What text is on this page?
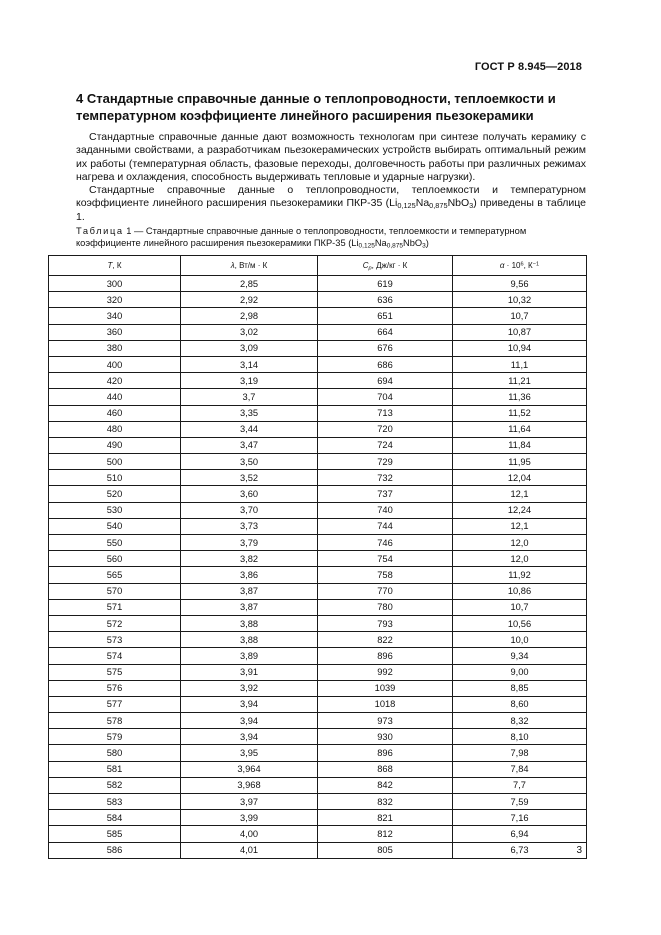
ГОСТ Р 8.945—2018
4 Стандартные справочные данные о теплопроводности, теплоемкости и температурном коэффициенте линейного расширения пьезокерамики

Стандартные справочные данные дают возможность технологам при синтезе получать керамику с заданными свойствами, а разработчикам пьезокерамических устройств выбирать оптимальный режим их работы (температурная область, фазовые переходы, долговечность работы при различных режимах нагрева и охлаждения, способность выдерживать тепловые и ударные нагрузки).

Стандартные справочные данные о теплопроводности, теплоемкости и температурном коэффициенте линейного расширения пьезокерамики ПКР-35 $(Li_{0,125}Na_{0,875}NbO_3)$ приведены в таблице 1.

Таблица 1 — Стандартные справочные данные о теплопроводности, теплоемкости и температурном коэффициенте линейного расширения пьезокерамики ПКР-35 $(Li_{0,125}Na_{0,875}NbO_3)$

T, К	λ, Вт/м · К	$C_p$, Дж/кг · К	$\alpha \cdot 10^6$, $К^{-1}$
300	2,85	619	9,56
320	2,92	636	10,32
340	2,98	651	10,7
360	3,02	664	10,87
380	3,09	676	10,94
400	3,14	686	11,1
420	3,19	694	11,21
440	3,7	704	11,36
460	3,35	713	11,52
480	3,44	720	11,64
490	3,47	724	11,84
500	3,50	729	11,95
510	3,52	732	12,04
520	3,60	737	12,1
530	3,70	740	12,24
540	3,73	744	12,1
550	3,79	746	12,0
560	3,82	754	12,0
565	3,86	758	11,92
570	3,87	770	10,86
571	3,87	780	10,7
572	3,88	793	10,56
573	3,88	822	10,0
574	3,89	896	9,34
575	3,91	992	9,00
576	3,92	1039	8,85
577	3,94	1018	8,60
578	3,94	973	8,32
579	3,94	930	8,10
580	3,95	896	7,98
581	3,964	868	7,84
582	3,968	842	7,7
583	3,97	832	7,59
584	3,99	821	7,16
585	4,00	812	6,94
586	4,01	805	6,73	3
